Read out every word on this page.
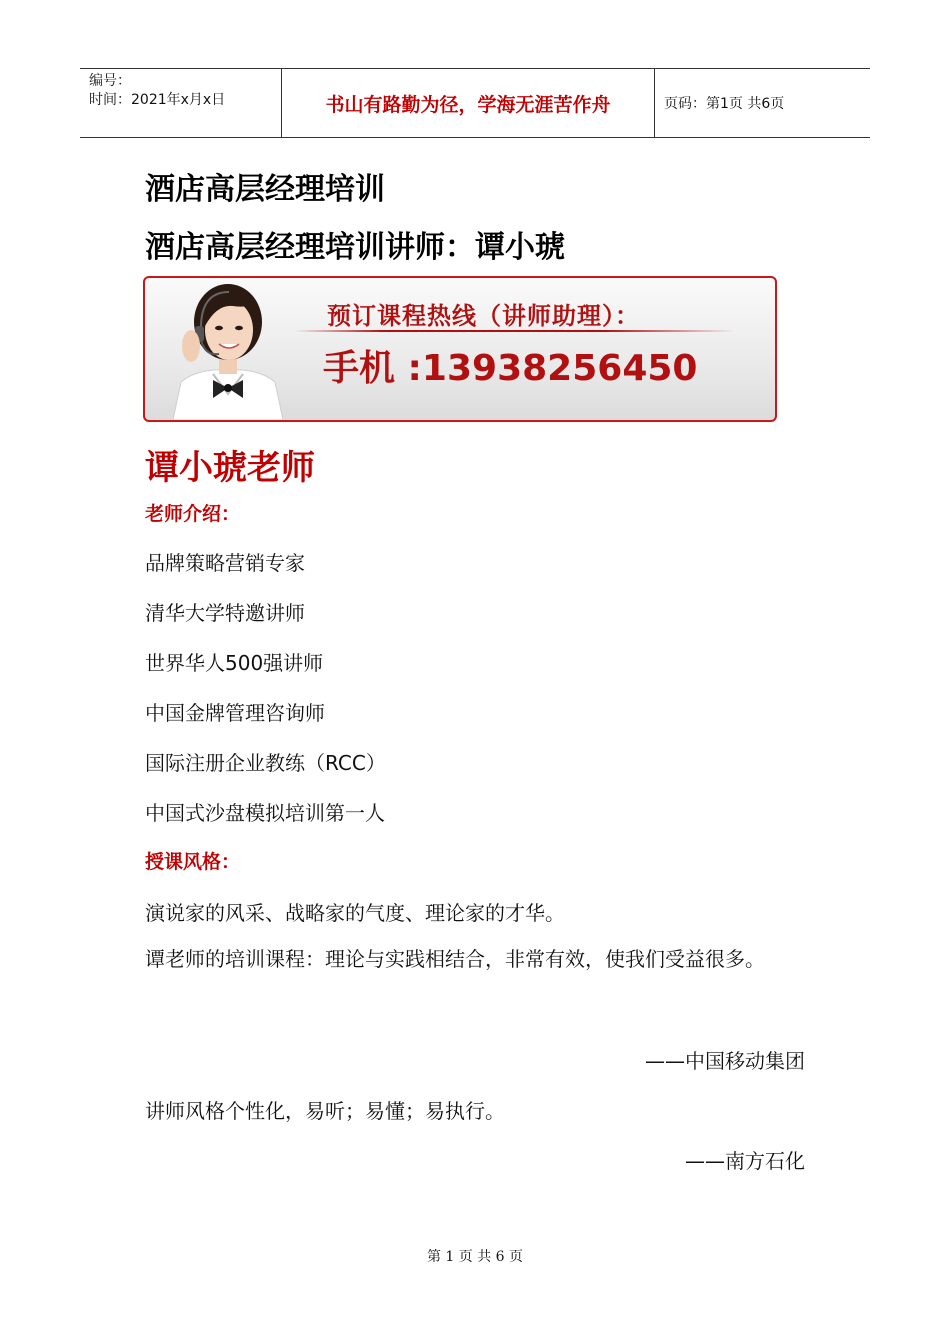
编号：
时间：2021年x月x日	书山有路勤为径，学海无涯苦作舟	页码：第1页 共6页
酒店高层经理培训
酒店高层经理培训讲师：谭小琥
预订课程热线（讲师助理）：
手机 :13938256450
谭小琥老师
老师介绍：
品牌策略营销专家
清华大学特邀讲师
世界华人500强讲师
中国金牌管理咨询师
国际注册企业教练（RCC）
中国式沙盘模拟培训第一人
授课风格：
演说家的风采、战略家的气度、理论家的才华。
谭老师的培训课程：理论与实践相结合，非常有效，使我们受益很多。
——中国移动集团
讲师风格个性化，易听；易懂；易执行。
——南方石化
第 1 页 共 6 页
